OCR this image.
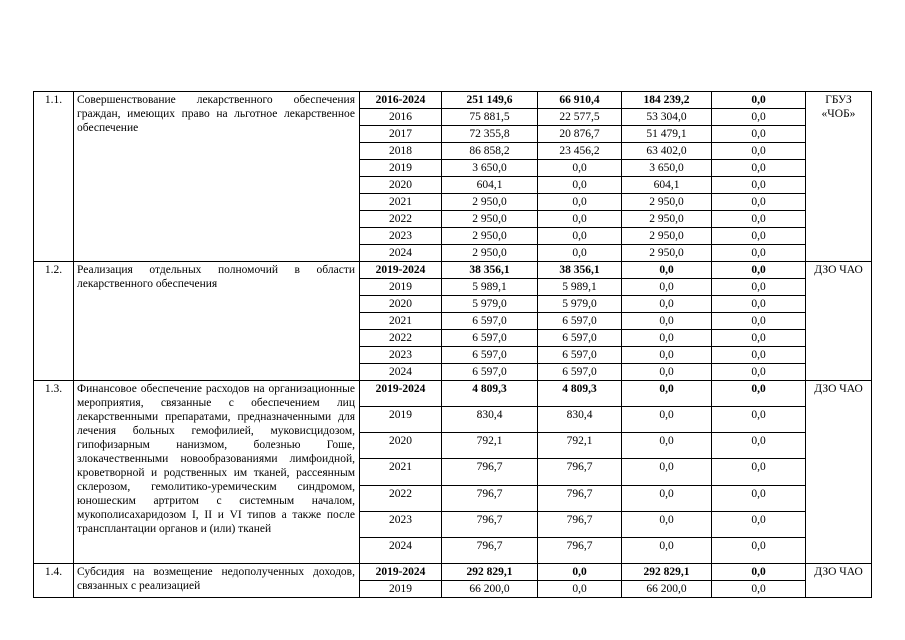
1.1.	Совершенствование лекарственного обеспечения граждан, имеющих право на льготное лекарственное обеспечение	2016-2024	251 149,6	66 910,4	184 239,2	0,0	ГБУЗ «ЧОБ»
		2016	75 881,5	22 577,5	53 304,0	0,0	
		2017	72 355,8	20 876,7	51 479,1	0,0	
		2018	86 858,2	23 456,2	63 402,0	0,0	
		2019	3 650,0	0,0	3 650,0	0,0	
		2020	604,1	0,0	604,1	0,0	
		2021	2 950,0	0,0	2 950,0	0,0	
		2022	2 950,0	0,0	2 950,0	0,0	
		2023	2 950,0	0,0	2 950,0	0,0	
		2024	2 950,0	0,0	2 950,0	0,0	
1.2.	Реализация отдельных полномочий в области лекарственного обеспечения	2019-2024	38 356,1	38 356,1	0,0	0,0	ДЗО ЧАО
		2019	5 989,1	5 989,1	0,0	0,0	
		2020	5 979,0	5 979,0	0,0	0,0	
		2021	6 597,0	6 597,0	0,0	0,0	
		2022	6 597,0	6 597,0	0,0	0,0	
		2023	6 597,0	6 597,0	0,0	0,0	
		2024	6 597,0	6 597,0	0,0	0,0	
1.3.	Финансовое обеспечение расходов на организационные мероприятия, связанные с обеспечением лиц лекарственными препаратами, предназначенными для лечения больных гемофилией, муковисцидозом, гипофизарным нанизмом, болезнью Гоше, злокачественными новообразованиями лимфоидной, кроветворной и родственных им тканей, рассеянным склерозом, гемолитико-уремическим синдромом, юношеским артритом с системным началом, мукополисахаридозом I, II и VI типов а также после трансплантации органов и (или) тканей	2019-2024	4 809,3	4 809,3	0,0	0,0	ДЗО ЧАО
		2019	830,4	830,4	0,0	0,0	
		2020	792,1	792,1	0,0	0,0	
		2021	796,7	796,7	0,0	0,0	
		2022	796,7	796,7	0,0	0,0	
		2023	796,7	796,7	0,0	0,0	
		2024	796,7	796,7	0,0	0,0	
1.4.	Субсидия на возмещение недополученных доходов, связанных с реализацией	2019-2024	292 829,1	0,0	292 829,1	0,0	ДЗО ЧАО
		2019	66 200,0	0,0	66 200,0	0,0	
